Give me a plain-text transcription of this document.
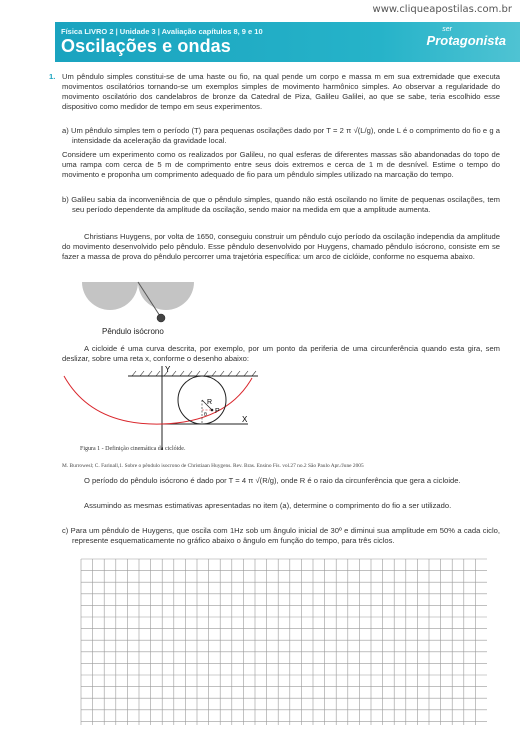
www.cliqueapostilas.com.br
Física LIVRO 2 | Unidade 3 | Avaliação capítulos 8, 9 e 10
Oscilações e ondas
ser
Protagonista
1. Um pêndulo simples constitui-se de uma haste ou fio, na qual pende um corpo e massa m em sua extremidade que executa movimentos oscilatórios tornando-se um exemplos simples de movimento harmônico simples. Ao observar a regularidade do movimento oscilatório dos candelabros de bronze da Catedral de Piza, Galileu Galilei, ao que se sabe, teria escolhido esse dispositivo como medidor de tempo em seus experimentos.

a) Um pêndulo simples tem o período (T) para pequenas oscilações dado por T = 2 π √(L/g), onde L é o comprimento do fio e g a intensidade da aceleração da gravidade local.

Considere um experimento como os realizados por Galileu, no qual esferas de diferentes massas são abandonadas do topo de uma rampa com cerca de 5 m de comprimento entre seus dois extremos e cerca de 1 m de desnível. Estime o tempo do movimento e proponha um comprimento adequado de fio para um pêndulo simples utilizado na marcação do tempo.

b) Galileu sabia da inconveniência de que o pêndulo simples, quando não está oscilando no limite de pequenas oscilações, tem seu período dependente da amplitude da oscilação, sendo maior na medida em que a amplitude aumenta.

Christians Huygens, por volta de 1650, conseguiu construir um pêndulo cujo período da oscilação independia da amplitude do movimento desenvolvido pelo pêndulo. Esse pêndulo desenvolvido por Huygens, chamado pêndulo isócrono, consiste em se fazer a massa de prova do pêndulo percorrer uma trajetória específica: um arco de ciclóide, conforme no esquema abaixo.

Pêndulo isócrono

A cicloide é uma curva descrita, por exemplo, por um ponto da periferia de uma circunferência quando esta gira, sem deslizar, sobre uma reta x, conforme o desenho abaixo:

Y
X
R
P
θ
Figura 1 - Definição cinemática da ciclóide.
M. Burrowesl; C. Farinall,1. Sobre o pêndulo isocrono de Christiaan Huygens. Rev. Bras. Ensino Fís. vol.27 no.2 São Paulo Apr./June 2005

O período do pêndulo isócrono é dado por T = 4 π √(R/g), onde R é o raio da circunferência que gera a cicloide.

Assumindo as mesmas estimativas apresentadas no item (a), determine o comprimento do fio a ser utilizado.

c) Para um pêndulo de Huygens, que oscila com 1Hz sob um ângulo inicial de 30º e diminui sua amplitude em 50% a cada ciclo, represente esquematicamente no gráfico abaixo o ângulo em função do tempo, para três ciclos.
